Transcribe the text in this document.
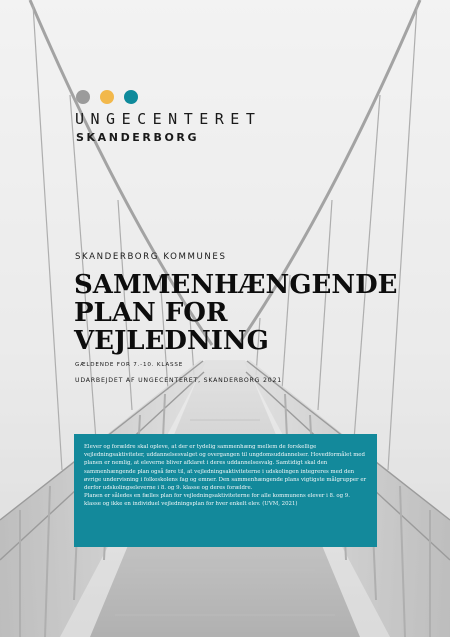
UNGECENTERET
SKANDERBORG
SKANDERBORG KOMMUNES
SAMMENHÆNGENDE
PLAN FOR
VEJLEDNING
GÆLDENDE FOR 7.-10. KLASSE
UDARBEJDET AF UNGECENTERET, SKANDERBORG 2021

Elever og forældre skal opleve, at der er tydelig sammenhæng mellem de forskellige vejledningsaktiviteter, uddannelsesvalget og overgangen til ungdomsuddannelser. Hovedformålet med planen er nemlig, at eleverne bliver afklaret i deres uddannelsesvalg. Samtidigt skal den sammenhængende plan også føre til, at vejledningsaktiviteterne i udskolingen integreres med den øvrige undervisning i folkeskolens fag og emner. Den sammenhængende plans vigtigste målgrupper er derfor udskolingseleverne i 8. og 9. klasse og deres forældre.

Planen er således en fælles plan for vejledningsaktiviteterne for alle kommunens elever i 8. og 9. klasse og ikke en individuel vejledningsplan for hver enkelt elev. (UVM, 2021)
